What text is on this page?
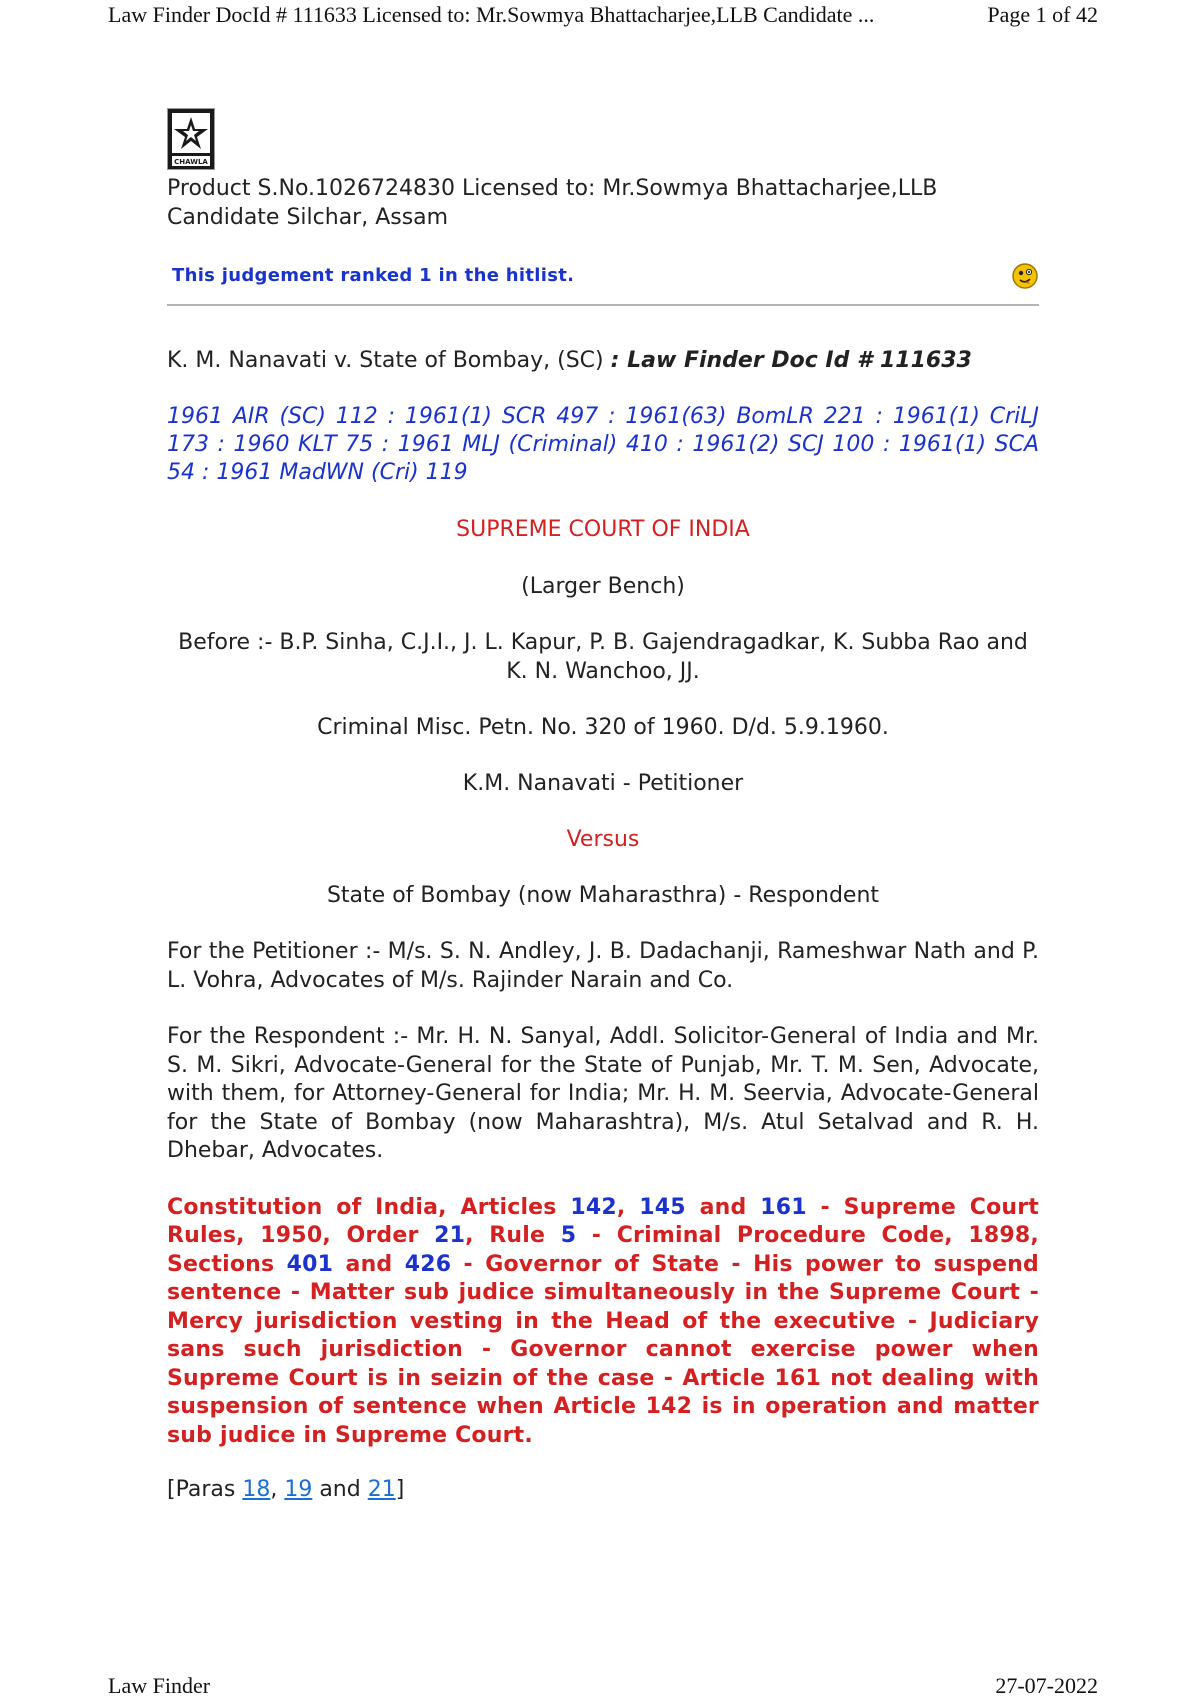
Law Finder DocId # 111633 Licensed to: Mr.Sowmya Bhattacharjee,LLB Candidate ...	Page 1 of 42
CHAWLA
Product S.No.1026724830 Licensed to: Mr.Sowmya Bhattacharjee,LLB Candidate Silchar, Assam
This judgement ranked 1 in the hitlist.
K. M. Nanavati v. State of Bombay, (SC) : Law Finder Doc Id # 111633
1961 AIR (SC) 112 : 1961(1) SCR 497 : 1961(63) BomLR 221 : 1961(1) CriLJ 173 : 1960 KLT 75 : 1961 MLJ (Criminal) 410 : 1961(2) SCJ 100 : 1961(1) SCA 54 : 1961 MadWN (Cri) 119
SUPREME COURT OF INDIA
(Larger Bench)
Before :- B.P. Sinha, C.J.I., J. L. Kapur, P. B. Gajendragadkar, K. Subba Rao and K. N. Wanchoo, JJ.
Criminal Misc. Petn. No. 320 of 1960. D/d. 5.9.1960.
K.M. Nanavati - Petitioner
Versus
State of Bombay (now Maharasthra) - Respondent
For the Petitioner :- M/s. S. N. Andley, J. B. Dadachanji, Rameshwar Nath and P. L. Vohra, Advocates of M/s. Rajinder Narain and Co.
For the Respondent :- Mr. H. N. Sanyal, Addl. Solicitor-General of India and Mr. S. M. Sikri, Advocate-General for the State of Punjab, Mr. T. M. Sen, Advocate, with them, for Attorney-General for India; Mr. H. M. Seervia, Advocate-General for the State of Bombay (now Maharashtra), M/s. Atul Setalvad and R. H. Dhebar, Advocates.
Constitution of India, Articles 142, 145 and 161 - Supreme Court Rules, 1950, Order 21, Rule 5 - Criminal Procedure Code, 1898, Sections 401 and 426 - Governor of State - His power to suspend sentence - Matter sub judice simultaneously in the Supreme Court - Mercy jurisdiction vesting in the Head of the executive - Judiciary sans such jurisdiction - Governor cannot exercise power when Supreme Court is in seizin of the case - Article 161 not dealing with suspension of sentence when Article 142 is in operation and matter sub judice in Supreme Court.
[Paras 18, 19 and 21]
Law Finder	27-07-2022
